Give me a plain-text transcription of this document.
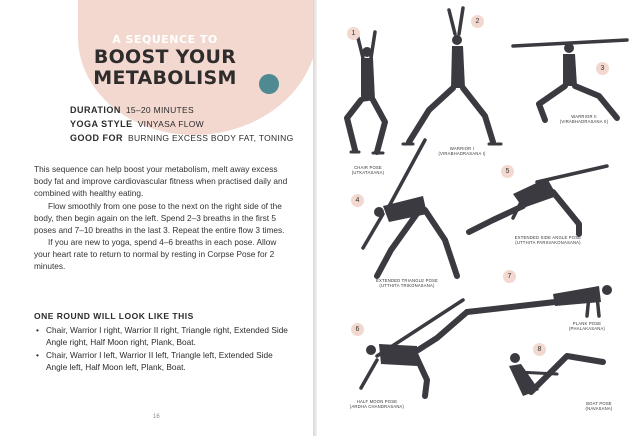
A SEQUENCE TO
BOOST YOUR
METABOLISM
DURATION 15–20 MINUTES
YOGA STYLE VINYASA FLOW
GOOD FOR BURNING EXCESS BODY FAT, TONING

This sequence can help boost your metabolism, melt away excess body fat and improve cardiovascular fitness when practised daily and combined with healthy eating.

Flow smoothly from one pose to the next on the right side of the body, then begin again on the left. Spend 2–3 breaths in the first 5 poses and 7–10 breaths in the last 3. Repeat the entire flow 3 times.

If you are new to yoga, spend 4–6 breaths in each pose. Allow your heart rate to return to normal by resting in Corpse Pose for 2 minutes.

ONE ROUND WILL LOOK LIKE THIS
• Chair, Warrior I right, Warrior II right, Triangle right, Extended Side Angle right, Half Moon right, Plank, Boat.
• Chair, Warrior I left, Warrior II left, Triangle left, Extended Side Angle left, Half Moon left, Plank, Boat.
16
1
2
3
4
5
6
7
8
CHAIR POSE
(UTKATASANA)
WARRIOR I
(VIRABHADRASANA I)
WARRIOR II
(VIRABHADRASANA II)
EXTENDED TRIANGLE POSE
(UTTHITA TRIKONASANA)
EXTENDED SIDE ANGLE POSE
(UTTHITA PARSVAKONASANA)
HALF MOON POSE
(ARDHA CHANDRASANA)
PLANK POSE
(PHALAKASANA)
BOAT POSE
(NAVASANA)
